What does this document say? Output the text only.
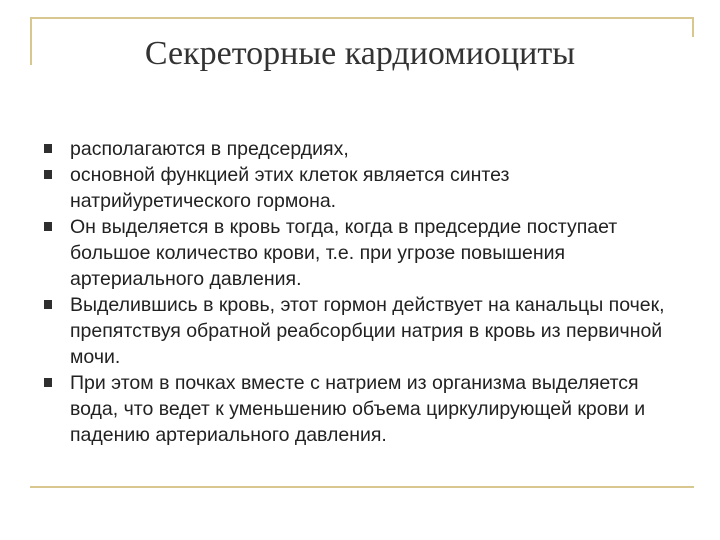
Секреторные кардиомиоциты
располагаются в предсердиях,
основной функцией этих клеток является синтез натрийуретического гормона.
Он выделяется в кровь тогда, когда в предсердие поступает большое количество крови, т.е. при угрозе повышения артериального давления.
Выделившись в кровь, этот гормон действует на канальцы почек, препятствуя обратной реабсорбции натрия в кровь из первичной мочи.
При этом в почках вместе с натрием из организма выделяется вода, что ведет к уменьшению объема циркулирующей крови и падению артериального давления.
